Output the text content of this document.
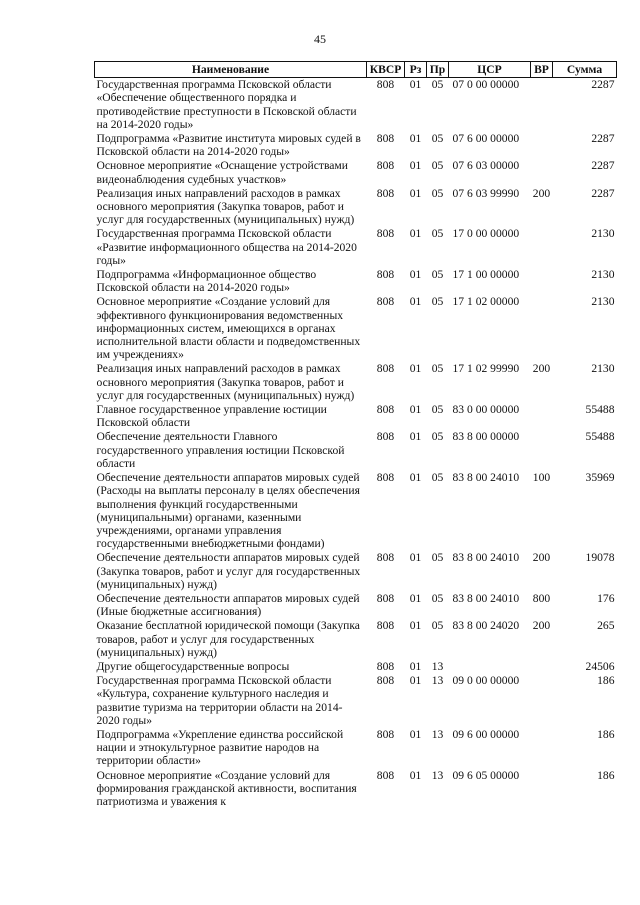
45
Наименование	КВСР	Рз	Пр	ЦСР	ВР	Сумма
Государственная программа Псковской области «Обеспечение общественного порядка и противодействие преступности в Псковской области на 2014-2020 годы»	808	01	05	07 0 00 00000		2287
Подпрограмма «Развитие института мировых судей в Псковской области на 2014-2020 годы»	808	01	05	07 6 00 00000		2287
Основное мероприятие «Оснащение устройствами видеонаблюдения судебных участков»	808	01	05	07 6 03 00000		2287
Реализация иных направлений расходов в рамках основного мероприятия (Закупка товаров, работ и услуг для государственных (муниципальных) нужд)	808	01	05	07 6 03 99990	200	2287
Государственная программа Псковской области «Развитие информационного общества на 2014-2020 годы»	808	01	05	17 0 00 00000		2130
Подпрограмма «Информационное общество Псковской области на 2014-2020 годы»	808	01	05	17 1 00 00000		2130
Основное мероприятие «Создание условий для эффективного функционирования ведомственных информационных систем, имеющихся в органах исполнительной власти области и подведомственных им учреждениях»	808	01	05	17 1 02 00000		2130
Реализация иных направлений расходов в рамках основного мероприятия (Закупка товаров, работ и услуг для государственных (муниципальных) нужд)	808	01	05	17 1 02 99990	200	2130
Главное государственное управление юстиции Псковской области	808	01	05	83 0 00 00000		55488
Обеспечение деятельности Главного государственного управления юстиции Псковской области	808	01	05	83 8 00 00000		55488
Обеспечение деятельности аппаратов мировых судей (Расходы на выплаты персоналу в целях обеспечения выполнения функций государственными (муниципальными) органами, казенными учреждениями, органами управления государственными внебюджетными фондами)	808	01	05	83 8 00 24010	100	35969
Обеспечение деятельности аппаратов мировых судей (Закупка товаров, работ и услуг для государственных (муниципальных) нужд)	808	01	05	83 8 00 24010	200	19078
Обеспечение деятельности аппаратов мировых судей (Иные бюджетные ассигнования)	808	01	05	83 8 00 24010	800	176
Оказание бесплатной юридической помощи (Закупка товаров, работ и услуг для государственных (муниципальных) нужд)	808	01	05	83 8 00 24020	200	265
Другие общегосударственные вопросы	808	01	13			24506
Государственная программа Псковской области «Культура, сохранение культурного наследия и развитие туризма на территории области на 2014-2020 годы»	808	01	13	09 0 00 00000		186
Подпрограмма «Укрепление единства российской нации и этнокультурное развитие народов на территории области»	808	01	13	09 6 00 00000		186
Основное мероприятие «Создание условий для формирования гражданской активности, воспитания патриотизма и уважения к	808	01	13	09 6 05 00000		186
